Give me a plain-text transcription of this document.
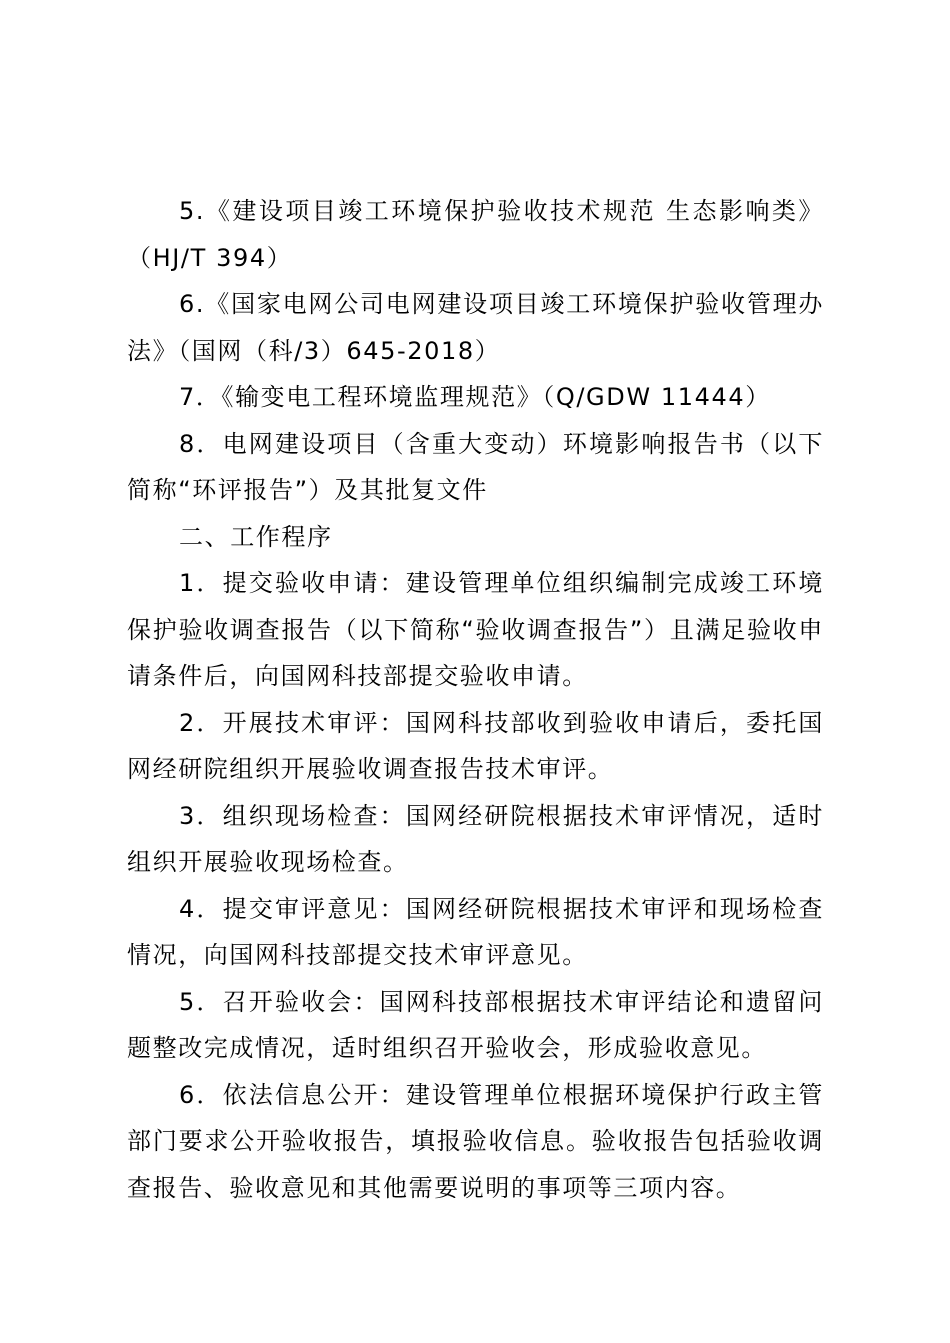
5.《建设项目竣工环境保护验收技术规范 生态影响类》（HJ/T 394）

6.《国家电网公司电网建设项目竣工环境保护验收管理办法》（国网（科/3）645-2018）

7．《输变电工程环境监理规范》（Q/GDW 11444）

8．电网建设项目（含重大变动）环境影响报告书（以下简称“环评报告”）及其批复文件

二、工作程序

1．提交验收申请：建设管理单位组织编制完成竣工环境保护验收调查报告（以下简称“验收调查报告”）且满足验收申请条件后，向国网科技部提交验收申请。

2．开展技术审评：国网科技部收到验收申请后，委托国网经研院组织开展验收调查报告技术审评。

3．组织现场检查：国网经研院根据技术审评情况，适时组织开展验收现场检查。

4．提交审评意见：国网经研院根据技术审评和现场检查情况，向国网科技部提交技术审评意见。

5．召开验收会：国网科技部根据技术审评结论和遗留问题整改完成情况，适时组织召开验收会，形成验收意见。

6．依法信息公开：建设管理单位根据环境保护行政主管部门要求公开验收报告，填报验收信息。验收报告包括验收调查报告、验收意见和其他需要说明的事项等三项内容。
